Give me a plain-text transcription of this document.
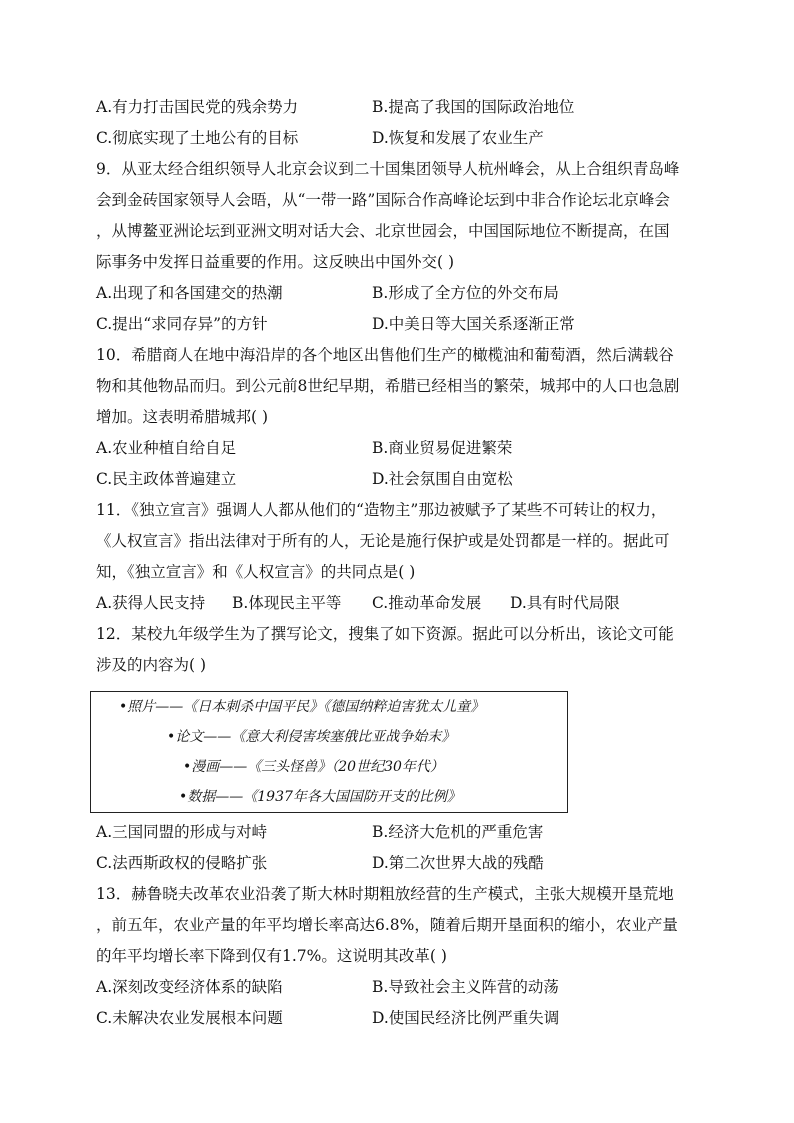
A.有力打击国民党的残余势力	B.提高了我国的国际政治地位
C.彻底实现了土地公有的目标	D.恢复和发展了农业生产
9．从亚太经合组织领导人北京会议到二十国集团领导人杭州峰会，从上合组织青岛峰
会到金砖国家领导人会晤，从“一带一路”国际合作高峰论坛到中非合作论坛北京峰会
，从博鳌亚洲论坛到亚洲文明对话大会、北京世园会，中国国际地位不断提高，在国
际事务中发挥日益重要的作用。这反映出中国外交( )
A.出现了和各国建交的热潮	B.形成了全方位的外交布局
C.提出“求同存异”的方针	D.中美日等大国关系逐渐正常
10．希腊商人在地中海沿岸的各个地区出售他们生产的橄榄油和葡萄酒，然后满载谷
物和其他物品而归。到公元前8世纪早期，希腊已经相当的繁荣，城邦中的人口也急剧
增加。这表明希腊城邦( )
A.农业种植自给自足	B.商业贸易促进繁荣
C.民主政体普遍建立	D.社会氛围自由宽松
11．《独立宣言》强调人人都从他们的“造物主”那边被赋予了某些不可转让的权力，
《人权宣言》指出法律对于所有的人，无论是施行保护或是处罚都是一样的。据此可
知，《独立宣言》和《人权宣言》的共同点是( )
A.获得人民支持 B.体现民主平等 C.推动革命发展 D.具有时代局限
12．某校九年级学生为了撰写论文，搜集了如下资源。据此可以分析出，该论文可能
涉及的内容为( )
•照片——《日本刺杀中国平民》《德国纳粹迫害犹太儿童》
•论文——《意大利侵害埃塞俄比亚战争始末》
•漫画——《三头怪兽》（20世纪30年代）
•数据——《1937年各大国国防开支的比例》
A.三国同盟的形成与对峙	B.经济大危机的严重危害
C.法西斯政权的侵略扩张	D.第二次世界大战的残酷
13．赫鲁晓夫改革农业沿袭了斯大林时期粗放经营的生产模式，主张大规模开垦荒地
，前五年，农业产量的年平均增长率高达6.8%，随着后期开垦面积的缩小，农业产量
的年平均增长率下降到仅有1.7%。这说明其改革( )
A.深刻改变经济体系的缺陷	B.导致社会主义阵营的动荡
C.未解决农业发展根本问题	D.使国民经济比例严重失调
